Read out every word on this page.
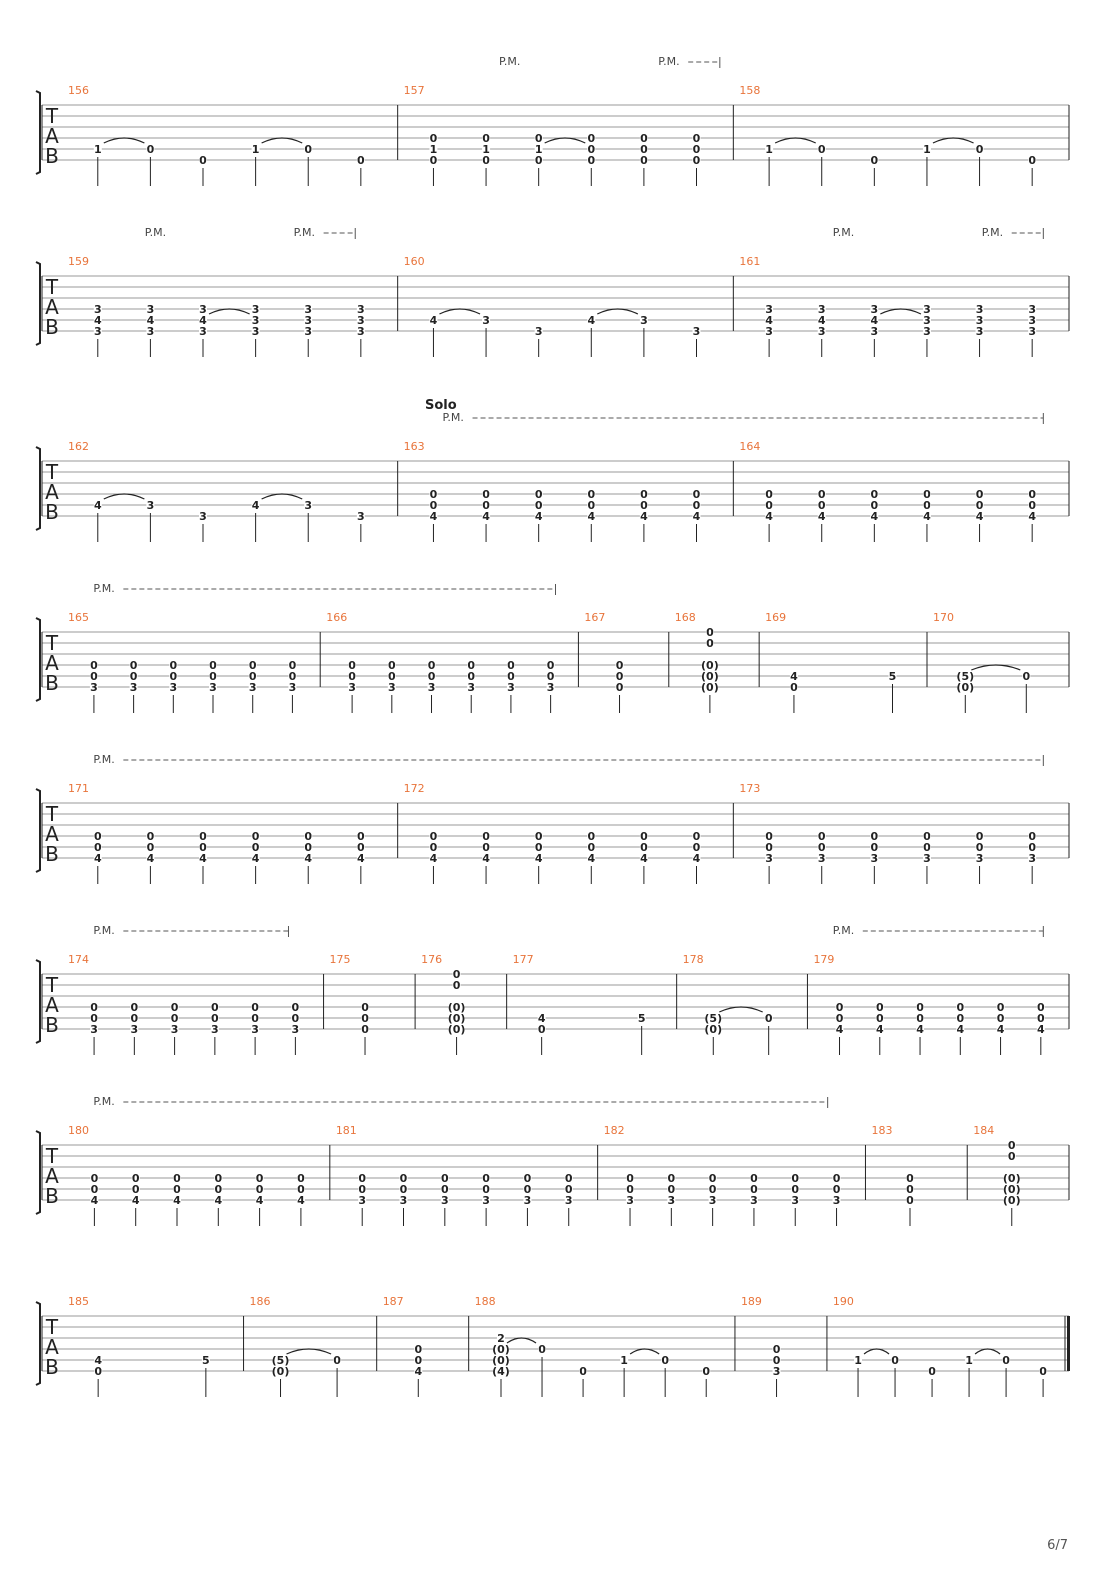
T
A
B
156
1	0
0
1	0
0
157
0
1
0
0
1
0
0
1
0
0
0
0
0
0
0
0
0
0
158
1	0
0
1	0
0
P.M.	P.M.
T
A
B
159
3
4
3
3
4
3
3
4
3
3
3
3
3
3
3
3
3
3
160
4	3
3
4	3
3
161
3
4
3
3
4
3
3
4
3
3
3
3
3
3
3
3
3
3
P.M.	P.M.	P.M.	P.M.
T
A
B
162
4	3
3
4	3
3
163
0
0
4
0
0
4
0
0
4
0
0
4
0
0
4
0
0
4
164
0
0
4
0
0
4
0
0
4
0
0
4
0
0
4
0
0
4
P.M.
Solo
T
A
B
165
0
0
3
0
0
3
0
0
3
0
0
3
0
0
3
0
0
3
166
0
0
3
0
0
3
0
0
3
0
0
3
0
0
3
0
0
3
167
0
0
0
168
0
0
(0)
(0)
(0)
169
4
0
5
170
(5)
(0)
0
P.M.
T
A
B
171
0
0
4
0
0
4
0
0
4
0
0
4
0
0
4
0
0
4
172
0
0
4
0
0
4
0
0
4
0
0
4
0
0
4
0
0
4
173
0
0
3
0
0
3
0
0
3
0
0
3
0
0
3
0
0
3
P.M.
T
A
B
174
0
0
3
0
0
3
0
0
3
0
0
3
0
0
3
0
0
3
175
0
0
0
176
0
0
(0)
(0)
(0)
177
4
0
5
178
(5)
(0)
0
179
0
0
4
0
0
4
0
0
4
0
0
4
0
0
4
0
0
4
P.M.	P.M.
T
A
B
180
0
0
4
0
0
4
0
0
4
0
0
4
0
0
4
0
0
4
181
0
0
3
0
0
3
0
0
3
0
0
3
0
0
3
0
0
3
182
0
0
3
0
0
3
0
0
3
0
0
3
0
0
3
0
0
3
183
0
0
0
184
0
0
(0)
(0)
(0)
P.M.
T
A
B
185
4
0
5
186
(5)
(0)
0
187
0
0
4
188
2
(0)
(0)
(4)
0
0
1	0
0
189
0
0
3
190
1	0
0
1	0
0
6/7
